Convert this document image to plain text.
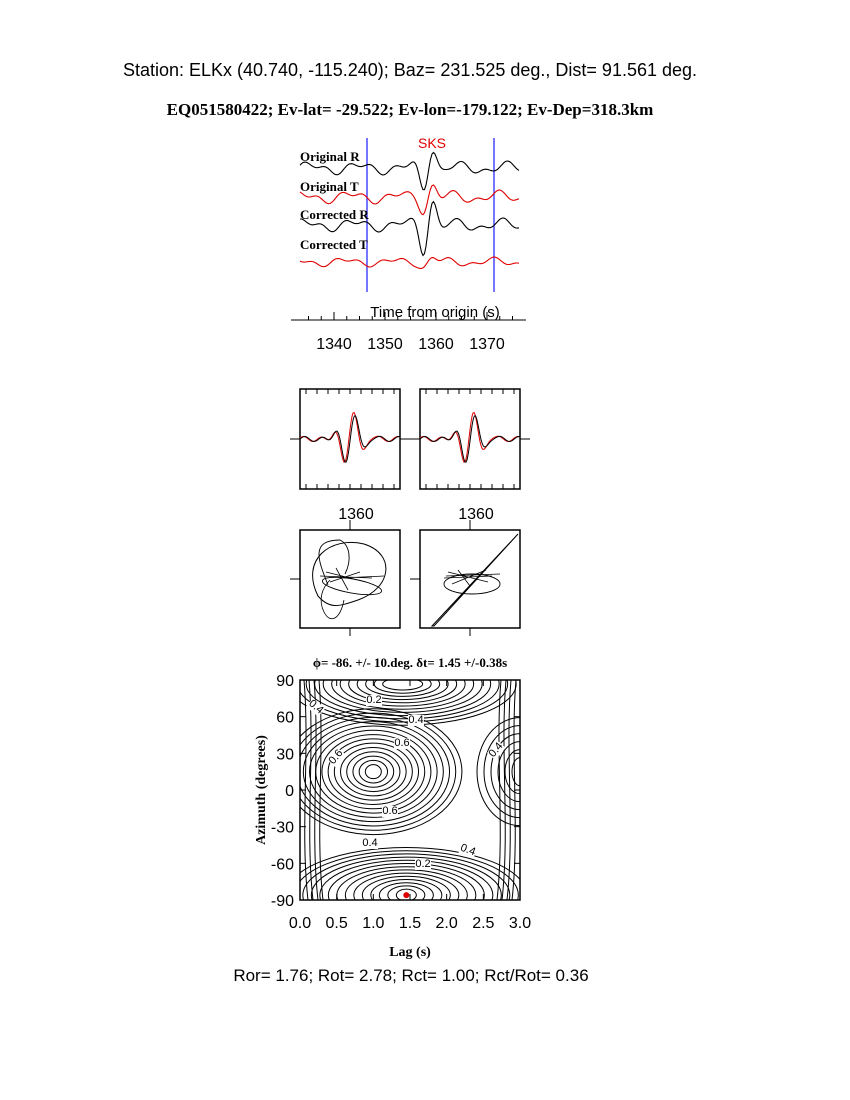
Station: ELKx (40.740, -115.240); Baz= 231.525 deg., Dist= 91.561 deg.
EQ051580422; Ev-lat= -29.522; Ev-lon=-179.122; Ev-Dep=318.3km
SKS
Original R
Original T
Corrected R
Corrected T
Time from origin (s)
1340 1350 1360 1370
1360	1360
ϕ= -86. +/- 10.deg. δt= 1.45 +/-0.38s
0.2
0.4
0.6
0.6
0.4
0.2
0.4
0.4
0.4
0.6
0.0 0.5 1.0 1.5 2.0 2.5 3.0
90
60
30
0
-30
-60
-90
Lag (s)
Azimuth (degrees)
Ror= 1.76; Rot= 2.78; Rct= 1.00; Rct/Rot= 0.36
